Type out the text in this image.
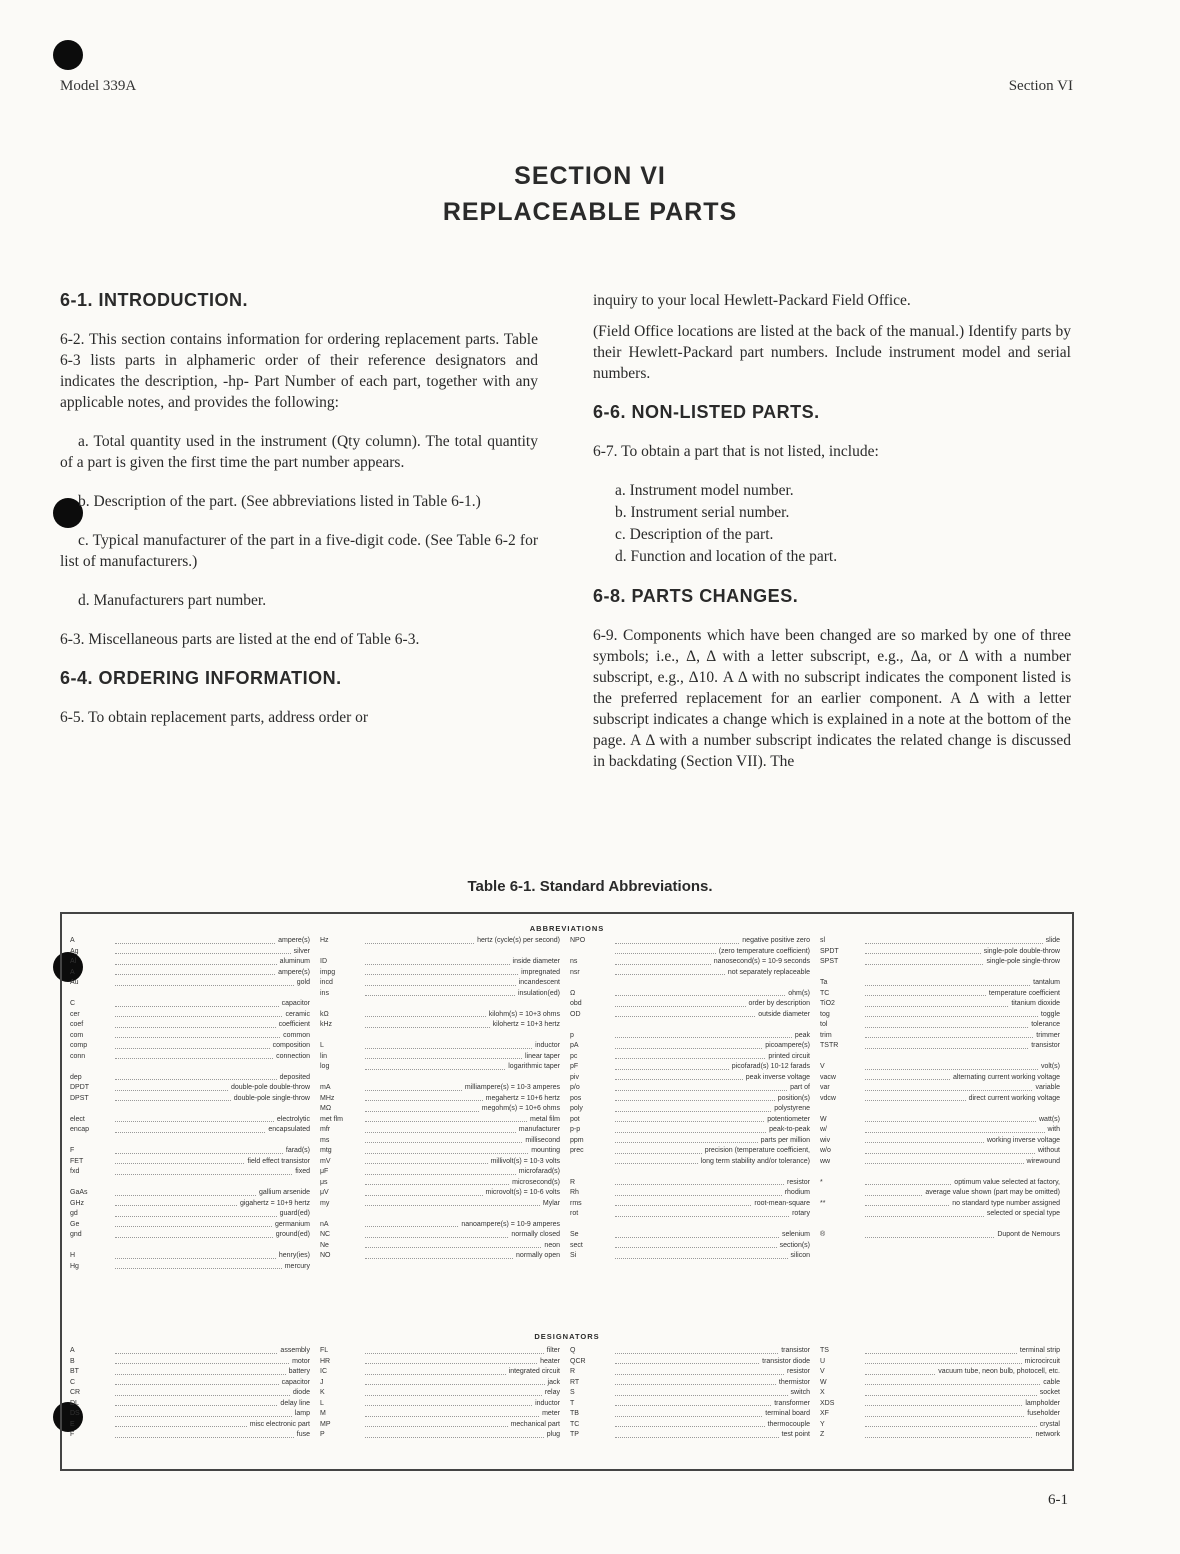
Model 339A	Section VI
SECTION VI
REPLACEABLE PARTS
6-1. INTRODUCTION.

6-2. This section contains information for ordering replacement parts. Table 6-3 lists parts in alphameric order of their reference designators and indicates the description, -hp- Part Number of each part, together with any applicable notes, and provides the following:

a. Total quantity used in the instrument (Qty column). The total quantity of a part is given the first time the part number appears.

b. Description of the part. (See abbreviations listed in Table 6-1.)

c. Typical manufacturer of the part in a five-digit code. (See Table 6-2 for list of manufacturers.)

d. Manufacturers part number.

6-3. Miscellaneous parts are listed at the end of Table 6-3.

6-4. ORDERING INFORMATION.

6-5. To obtain replacement parts, address order or

inquiry to your local Hewlett-Packard Field Office.

(Field Office locations are listed at the back of the manual.) Identify parts by their Hewlett-Packard part numbers. Include instrument model and serial numbers.

6-6. NON-LISTED PARTS.

6-7. To obtain a part that is not listed, include:

a. Instrument model number.
b. Instrument serial number.
c. Description of the part.
d. Function and location of the part.
6-8. PARTS CHANGES.

6-9. Components which have been changed are so marked by one of three symbols; i.e., Δ, Δ with a letter subscript, e.g., Δa, or Δ with a number subscript, e.g., Δ10. A Δ with no subscript indicates the component listed is the preferred replacement for an earlier component. A Δ with a letter subscript indicates a change which is explained in a note at the bottom of the page. A Δ with a number subscript indicates the related change is discussed in backdating (Section VII). The

Table 6-1. Standard Abbreviations.
ABBREVIATIONS
A	ampere(s)
Ag	silver
Al	aluminum
A	ampere(s)
Au	gold
C	capacitor
cer	ceramic
coef	coefficient
com	common
comp	composition
conn	connection
dep	deposited
DPDT	double-pole double-throw
DPST	double-pole single-throw
elect	electrolytic
encap	encapsulated
F	farad(s)
FET	field effect transistor
fxd	fixed
GaAs	gallium arsenide
GHz	gigahertz = 10+9 hertz
gd	guard(ed)
Ge	germanium
gnd	ground(ed)
H	henry(ies)
Hg	mercury
Hz	hertz (cycle(s) per second)
ID	inside diameter
impg	impregnated
incd	incandescent
ins	insulation(ed)
kΩ	kilohm(s) = 10+3 ohms
kHz	kilohertz = 10+3 hertz
L	inductor
lin	linear taper
log	logarithmic taper
mA	milliampere(s) = 10-3 amperes
MHz	megahertz = 10+6 hertz
MΩ	megohm(s) = 10+6 ohms
met flm	metal film
mfr	manufacturer
ms	millisecond
mtg	mounting
mV	millivolt(s) = 10-3 volts
μF	microfarad(s)
μs	microsecond(s)
μV	microvolt(s) = 10-6 volts
my	Mylar
nA	nanoampere(s) = 10-9 amperes
NC	normally closed
Ne	neon
NO	normally open
NPO	negative positive zero
(zero temperature coefficient)
ns	nanosecond(s) = 10-9 seconds
nsr	not separately replaceable
Ω	ohm(s)
obd	order by description
OD	outside diameter
p	peak
pA	picoampere(s)
pc	printed circuit
pF	picofarad(s) 10-12 farads
piv	peak inverse voltage
p/o	part of
pos	position(s)
poly	polystyrene
pot	potentiometer
p-p	peak-to-peak
ppm	parts per million
prec	precision (temperature coefficient,
long term stability and/or tolerance)
R	resistor
Rh	rhodium
rms	root-mean-square
rot	rotary
Se	selenium
sect	section(s)
Si	silicon
sl	slide
SPDT	single-pole double-throw
SPST	single-pole single-throw
Ta	tantalum
TC	temperature coefficient
TiO2	titanium dioxide
tog	toggle
tol	tolerance
trim	trimmer
TSTR	transistor
V	volt(s)
vacw	alternating current working voltage
var	variable
vdcw	direct current working voltage
W	watt(s)
w/	with
wiv	working inverse voltage
w/o	without
ww	wirewound
*	optimum value selected at factory,
average value shown (part may be omitted)
**	no standard type number assigned
selected or special type
®	Dupont de Nemours
DESIGNATORS
A	assembly
B	motor
BT	battery
C	capacitor
CR	diode
DL	delay line
DS	lamp
E	misc electronic part
F	fuse
FL	filter
HR	heater
IC	integrated circuit
J	jack
K	relay
L	inductor
M	meter
MP	mechanical part
P	plug
Q	transistor
QCR	transistor diode
R	resistor
RT	thermistor
S	switch
T	transformer
TB	terminal board
TC	thermocouple
TP	test point
TS	terminal strip
U	microcircuit
V	vacuum tube, neon bulb, photocell, etc.
W	cable
X	socket
XDS	lampholder
XF	fuseholder
Y	crystal
Z	network
6-1
